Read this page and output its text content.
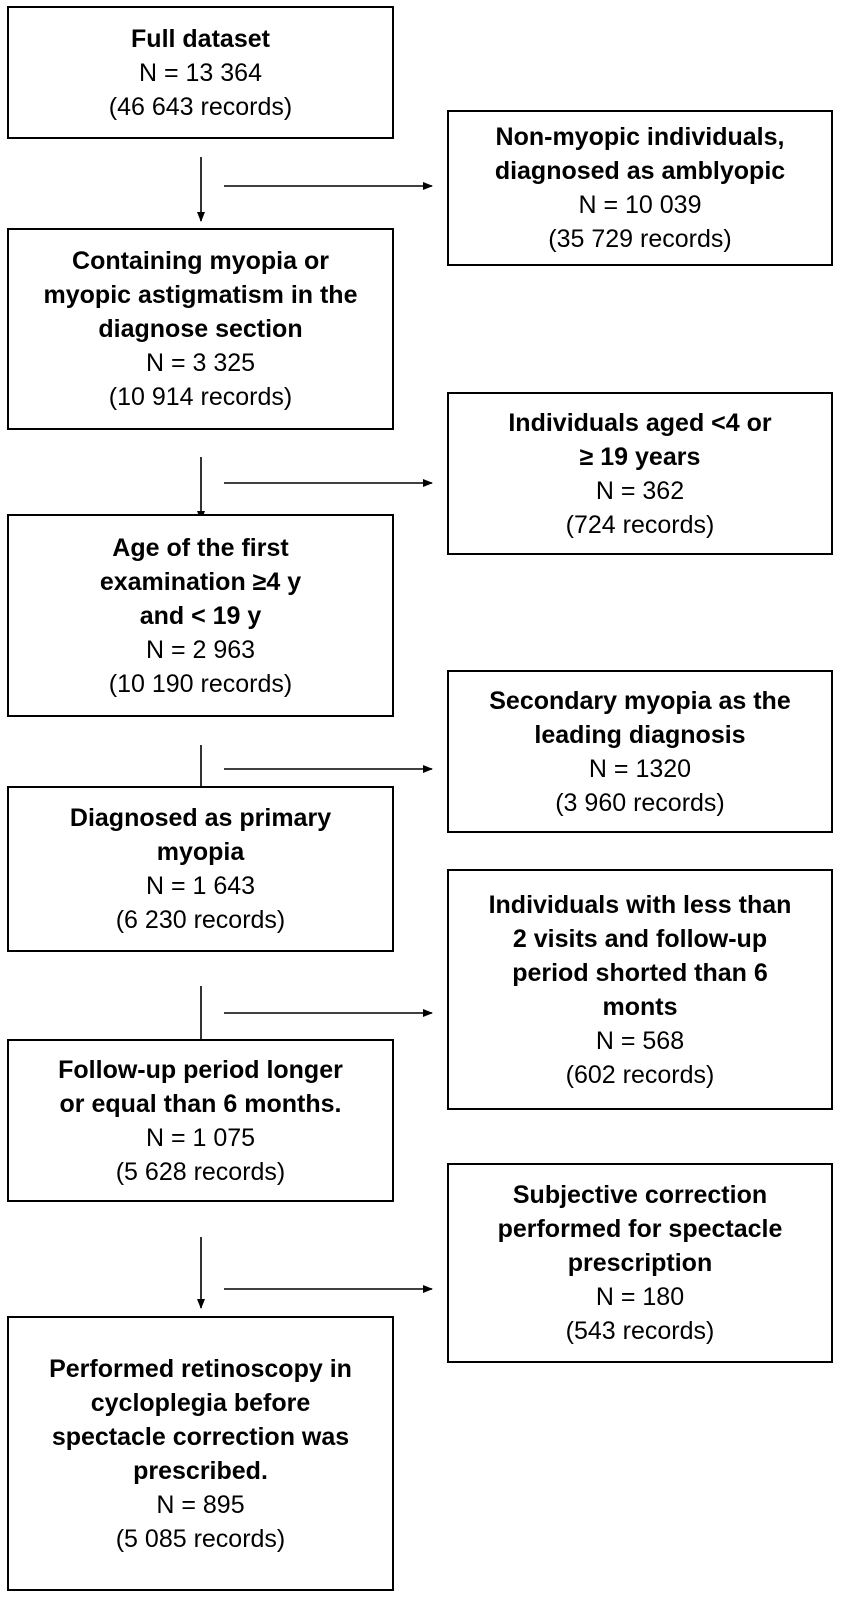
Full dataset
N = 13 364
(46 643 records)
Containing myopia or
myopic astigmatism in the
diagnose section
N = 3 325
(10 914 records)
Age of the first
examination ≥4 y
and < 19 y
N = 2 963
(10 190 records)
Diagnosed as primary
myopia
N = 1 643
(6 230 records)
Follow-up period longer
or equal than 6 months.
N = 1 075
(5 628 records)
Performed retinoscopy in
cycloplegia before
spectacle correction was
prescribed.
N = 895
(5 085 records)
Non-myopic individuals,
diagnosed as amblyopic
N = 10 039
(35 729 records)
Individuals aged <4 or
≥ 19 years
N = 362
(724 records)
Secondary myopia as the
leading diagnosis
N = 1320
(3 960 records)
Individuals with less than
2 visits and follow-up
period shorted than 6
monts
N = 568
(602 records)
Subjective correction
performed for spectacle
prescription
N = 180
(543 records)
